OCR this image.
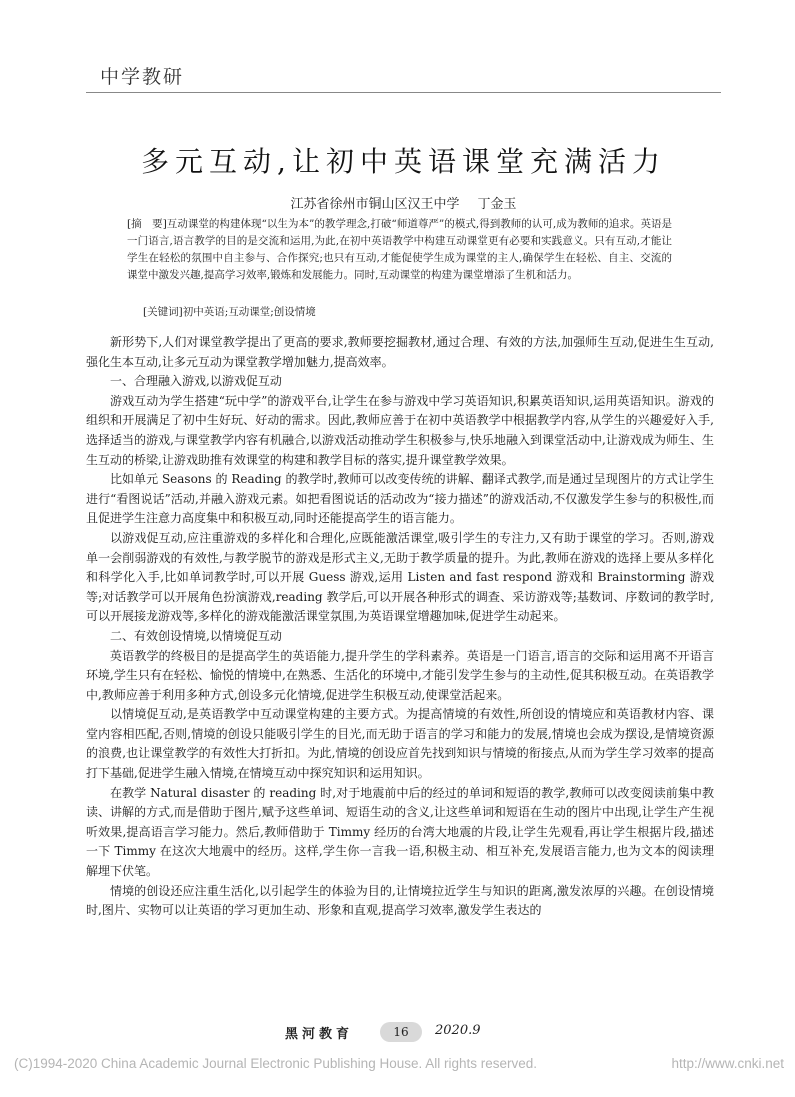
中学教研
多元互动,让初中英语课堂充满活力
江苏省徐州市铜山区汉王中学 丁金玉

[摘　要]互动课堂的构建体现“以生为本”的教学理念,打破“师道尊严”的模式,得到教师的认可,成为教师的追求。英语是一门语言,语言教学的目的是交流和运用,为此,在初中英语教学中构建互动课堂更有必要和实践意义。只有互动,才能让学生在轻松的氛围中自主参与、合作探究;也只有互动,才能促使学生成为课堂的主人,确保学生在轻松、自主、交流的课堂中激发兴趣,提高学习效率,锻炼和发展能力。同时,互动课堂的构建为课堂增添了生机和活力。

[关键词]初中英语;互动课堂;创设情境

新形势下,人们对课堂教学提出了更高的要求,教师要挖掘教材,通过合理、有效的方法,加强师生互动,促进生生互动,强化生本互动,让多元互动为课堂教学增加魅力,提高效率。

一、合理融入游戏,以游戏促互动

游戏互动为学生搭建“玩中学”的游戏平台,让学生在参与游戏中学习英语知识,积累英语知识,运用英语知识。游戏的组织和开展满足了初中生好玩、好动的需求。因此,教师应善于在初中英语教学中根据教学内容,从学生的兴趣爱好入手,选择适当的游戏,与课堂教学内容有机融合,以游戏活动推动学生积极参与,快乐地融入到课堂活动中,让游戏成为师生、生生互动的桥梁,让游戏助推有效课堂的构建和教学目标的落实,提升课堂教学效果。

比如单元 Seasons 的 Reading 的教学时,教师可以改变传统的讲解、翻译式教学,而是通过呈现图片的方式让学生进行“看图说话”活动,并融入游戏元素。如把看图说话的活动改为“接力描述”的游戏活动,不仅激发学生参与的积极性,而且促进学生注意力高度集中和积极互动,同时还能提高学生的语言能力。

以游戏促互动,应注重游戏的多样化和合理化,应既能激活课堂,吸引学生的专注力,又有助于课堂的学习。否则,游戏单一会削弱游戏的有效性,与教学脱节的游戏是形式主义,无助于教学质量的提升。为此,教师在游戏的选择上要从多样化和科学化入手,比如单词教学时,可以开展 Guess 游戏,运用 Listen and fast respond 游戏和 Brainstorming 游戏等;对话教学可以开展角色扮演游戏,reading 教学后,可以开展各种形式的调查、采访游戏等;基数词、序数词的教学时,可以开展接龙游戏等,多样化的游戏能激活课堂氛围,为英语课堂增趣加味,促进学生动起来。

二、有效创设情境,以情境促互动

英语教学的终极目的是提高学生的英语能力,提升学生的学科素养。英语是一门语言,语言的交际和运用离不开语言环境,学生只有在轻松、愉悦的情境中,在熟悉、生活化的环境中,才能引发学生参与的主动性,促其积极互动。在英语教学中,教师应善于利用多种方式,创设多元化情境,促进学生积极互动,使课堂活起来。

以情境促互动,是英语教学中互动课堂构建的主要方式。为提高情境的有效性,所创设的情境应和英语教材内容、课堂内容相匹配,否则,情境的创设只能吸引学生的目光,而无助于语言的学习和能力的发展,情境也会成为摆设,是情境资源的浪费,也让课堂教学的有效性大打折扣。为此,情境的创设应首先找到知识与情境的衔接点,从而为学生学习效率的提高打下基础,促进学生融入情境,在情境互动中探究知识和运用知识。

在教学 Natural disaster 的 reading 时,对于地震前中后的经过的单词和短语的教学,教师可以改变阅读前集中教读、讲解的方式,而是借助于图片,赋予这些单词、短语生动的含义,让这些单词和短语在生动的图片中出现,让学生产生视听效果,提高语言学习能力。然后,教师借助于 Timmy 经历的台湾大地震的片段,让学生先观看,再让学生根据片段,描述一下 Timmy 在这次大地震中的经历。这样,学生你一言我一语,积极主动、相互补充,发展语言能力,也为文本的阅读理解埋下伏笔。

情境的创设还应注重生活化,以引起学生的体验为目的,让情境拉近学生与知识的距离,激发浓厚的兴趣。在创设情境时,图片、实物可以让英语的学习更加生动、形象和直观,提高学习效率,激发学生表达的

黑河教育	16	2020.9
(C)1994-2020 China Academic Journal Electronic Publishing House. All rights reserved.	http://www.cnki.net
